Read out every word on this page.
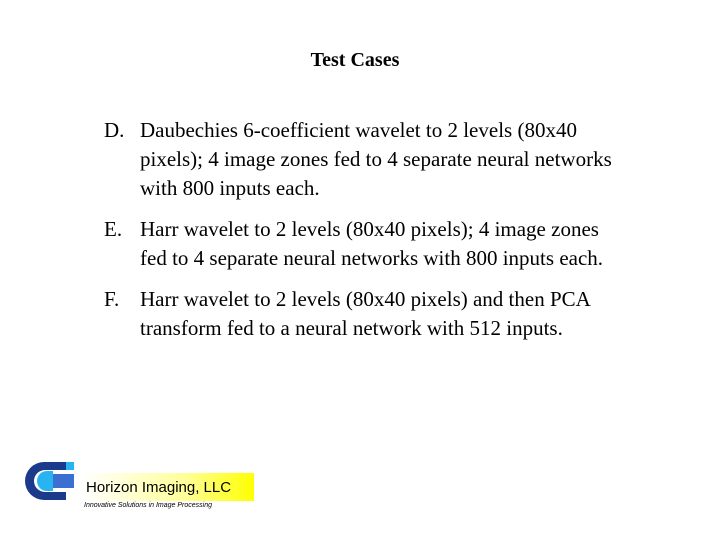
Test Cases
D. Daubechies 6-coefficient wavelet to 2 levels (80x40 pixels); 4 image zones fed to 4 separate neural networks with 800 inputs each.
E. Harr wavelet to 2 levels (80x40 pixels); 4 image zones fed to 4 separate neural networks with 800 inputs each.
F. Harr wavelet to 2 levels (80x40 pixels) and then PCA transform fed to a neural network with 512 inputs.
Horizon Imaging, LLC
Innovative Solutions in Image Processing
